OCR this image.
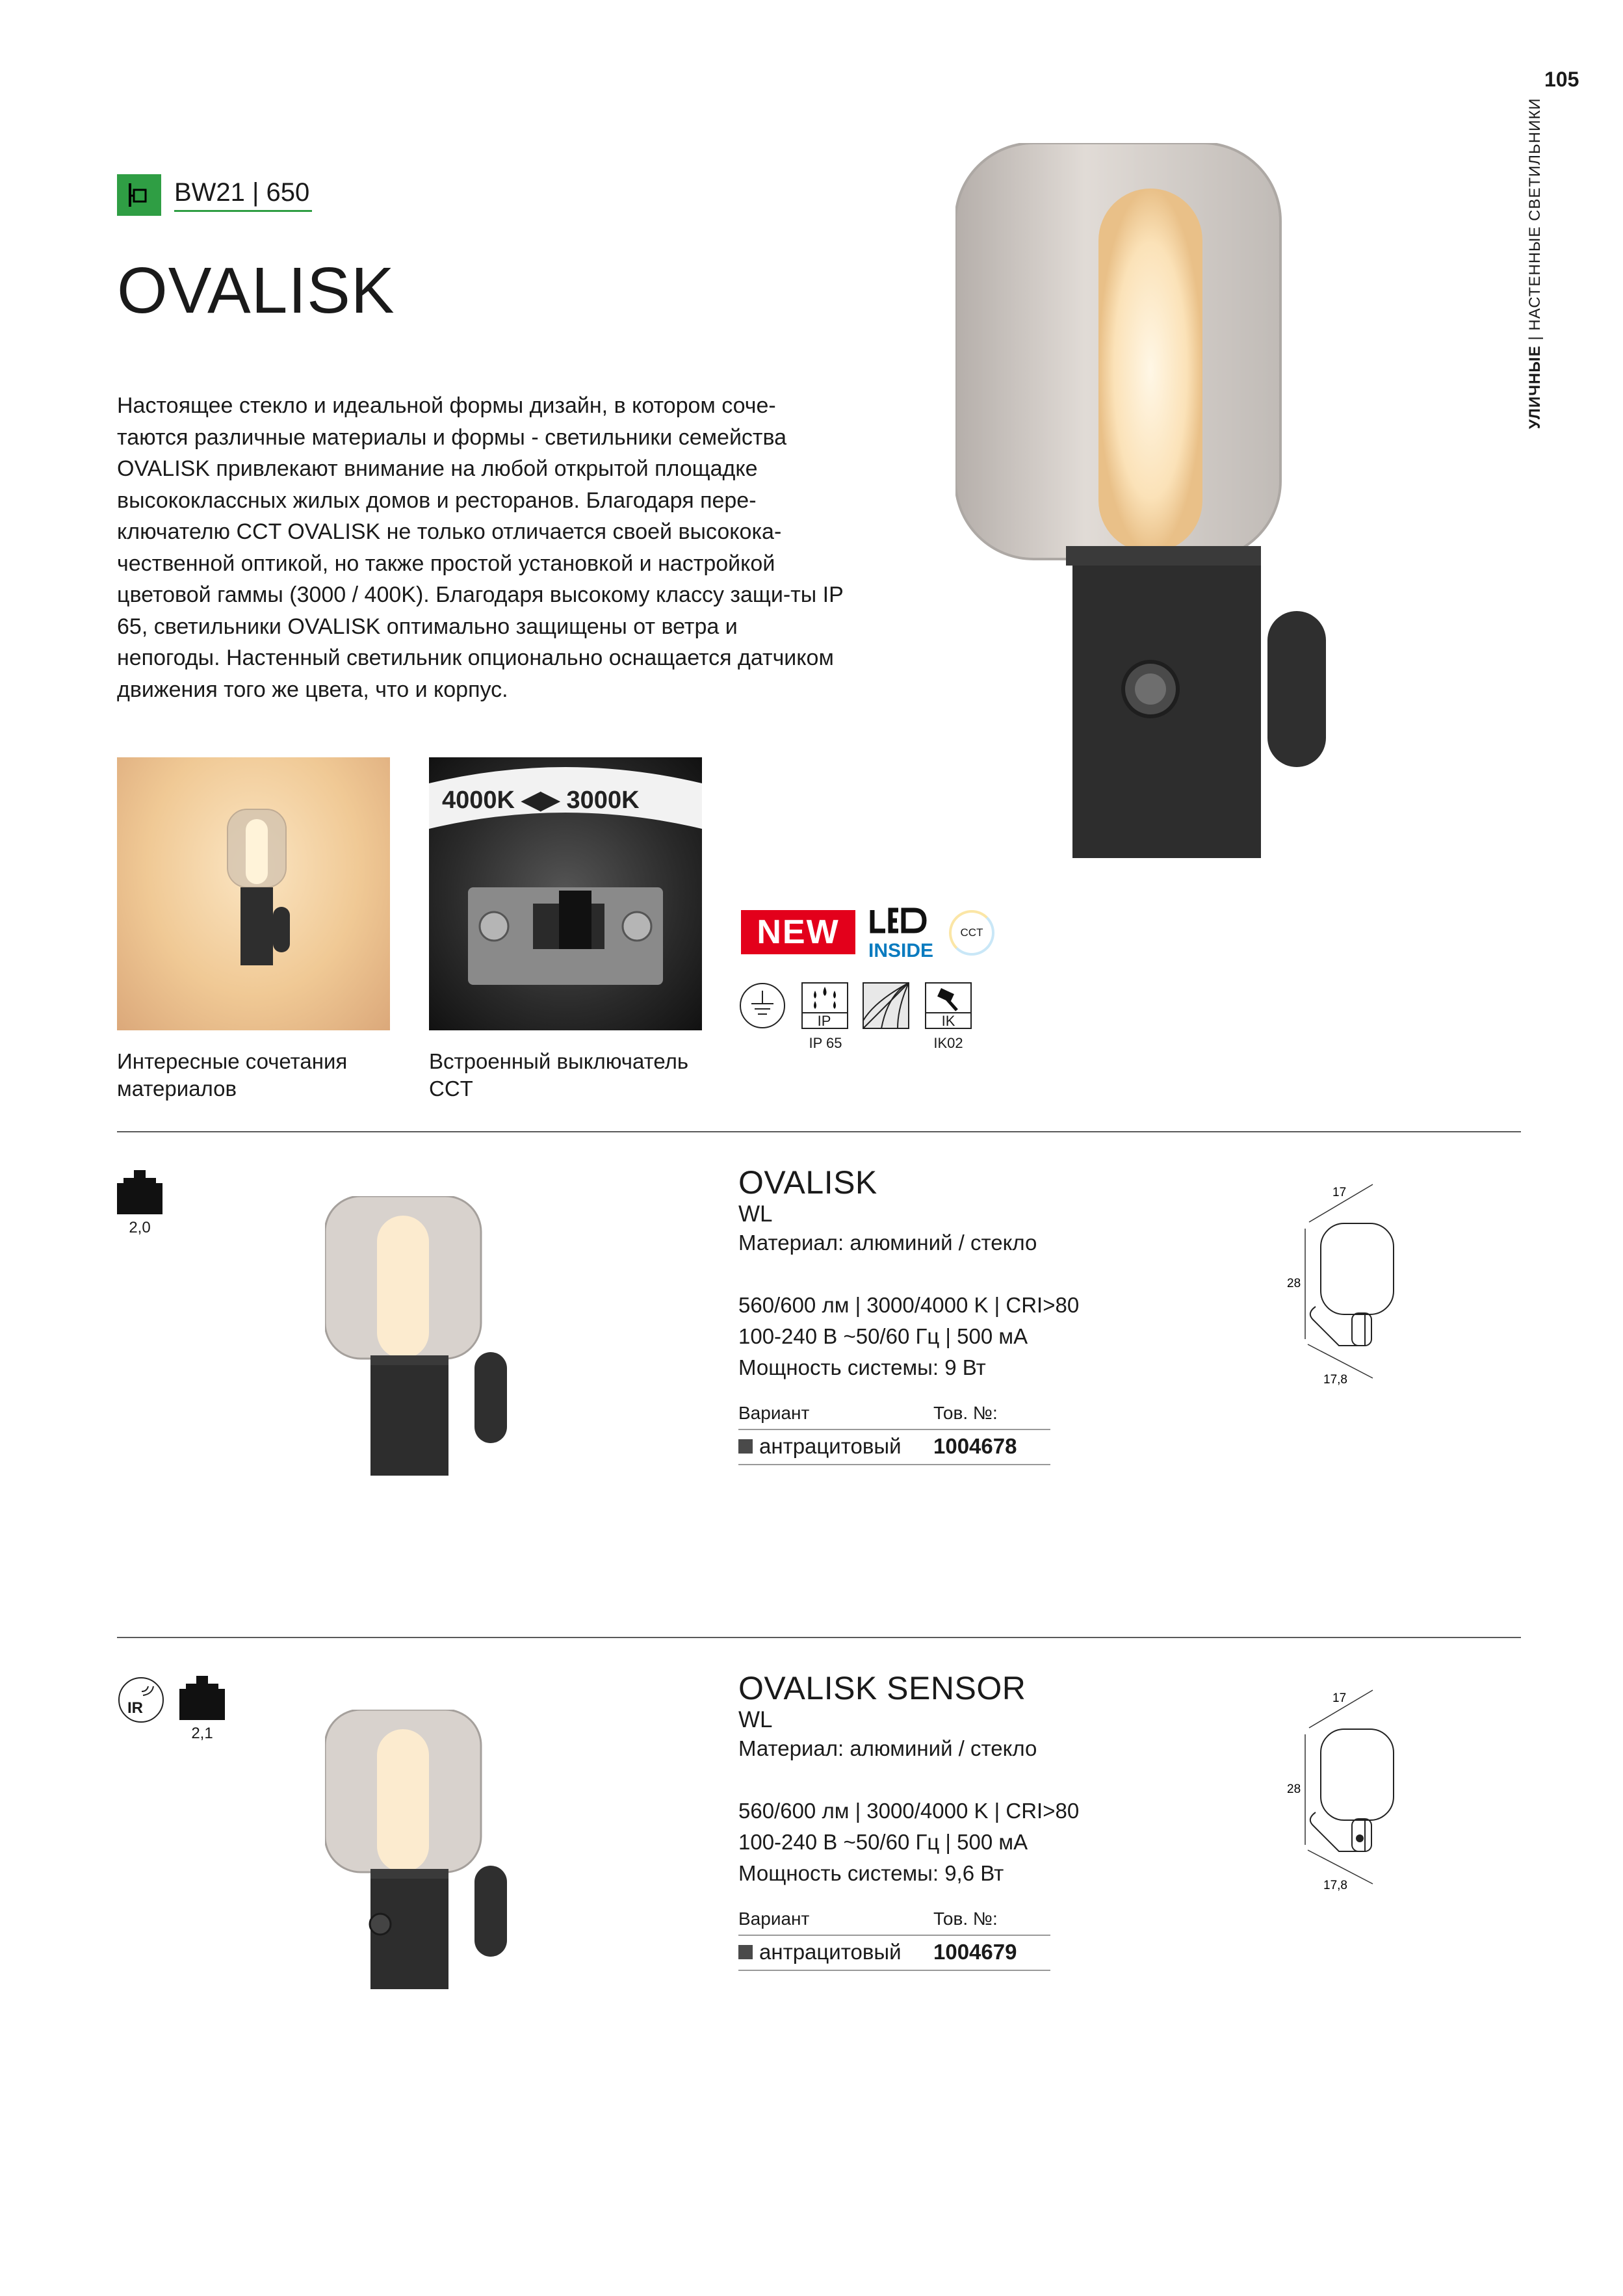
105
УЛИЧНЫЕ | НАСТЕННЫЕ СВЕТИЛЬНИКИ
BW21 | 650
OVALISK
Настоящее стекло и идеальной формы дизайн, в котором соче-таются различные материалы и формы - светильники семейства OVALISK привлекают внимание на любой открытой площадке высококлассных жилых домов и ресторанов. Благодаря пере-ключателю CCT OVALISK не только отличается своей высокока-чественной оптикой, но также простой установкой и настройкой цветовой гаммы (3000 / 400K). Благодаря высокому классу защи-ты IP 65, светильники OVALISK оптимально защищены от ветра и непогоды. Настенный светильник опционально оснащается датчиком движения того же цвета, что и корпус.
4000K ◀▶ 3000K
Интересные сочетания
материалов
Встроенный выключатель
CCT
NEW	INSIDE
CCT
IP
IP 65
IK
IK02
2,0
OVALISK
WL
Материал: алюминий / стекло
560/600 лм | 3000/4000 K | CRI>80
100-240 В ~50/60 Гц | 500 мА
Мощность системы: 9 Вт
Вариант	Тов. №:
антрацитовый 1004678
17
28
17,8
IR
2,1
OVALISK SENSOR
WL
Материал: алюминий / стекло
560/600 лм | 3000/4000 K | CRI>80
100-240 В ~50/60 Гц | 500 мА
Мощность системы: 9,6 Вт
Вариант	Тов. №:
антрацитовый 1004679
17
28
17,8
